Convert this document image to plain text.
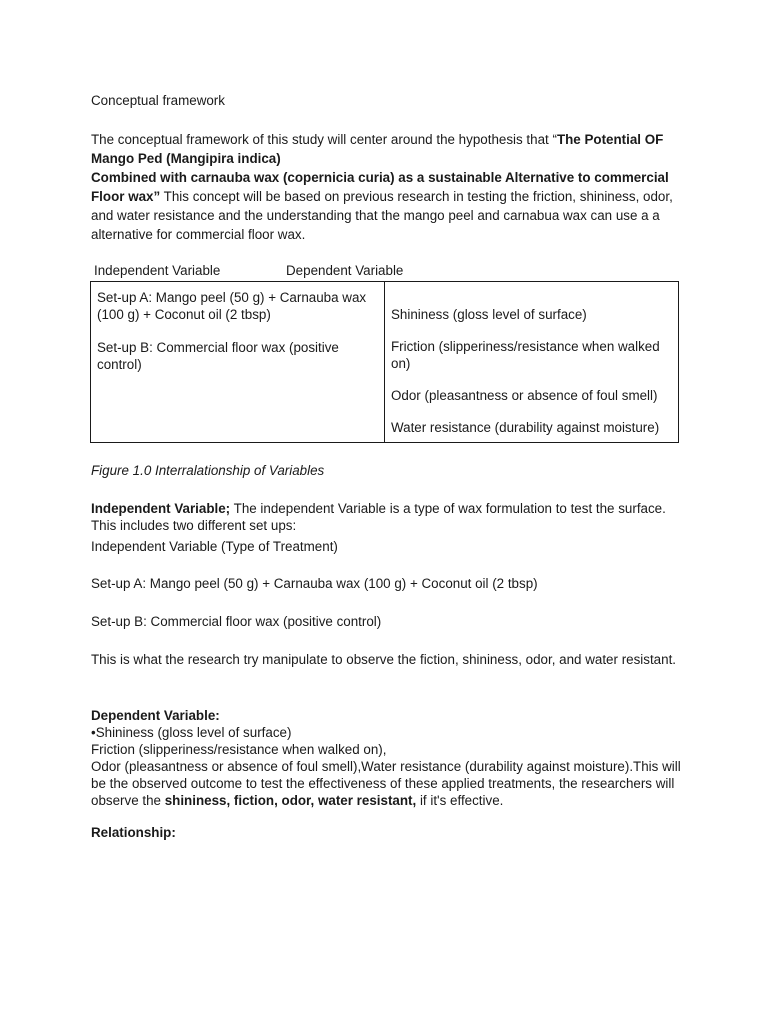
Conceptual framework

The conceptual framework of this study will center around the hypothesis that “The Potential OF Mango Ped (Mangipira indica)
Combined with carnauba wax (copernicia curia) as a sustainable Alternative to commercial Floor wax” This concept will be based on previous research in testing the friction, shininess, odor, and water resistance and the understanding that the mango peel and carnabua wax can use a a alternative for commercial floor wax.

Independent Variable	Dependent Variable

Set-up A: Mango peel (50 g) + Carnauba wax (100 g) + Coconut oil (2 tbsp)

Set-up B: Commercial floor wax (positive control)

Shininess (gloss level of surface)

Friction (slipperiness/resistance when walked on)

Odor (pleasantness or absence of foul smell)

Water resistance (durability against moisture)

Figure 1.0 Interralationship of Variables

Independent Variable; The independent Variable is a type of wax formulation to test the surface. This includes two different set ups:

Independent Variable (Type of Treatment)

Set-up A: Mango peel (50 g) + Carnauba wax (100 g) + Coconut oil (2 tbsp)

Set-up B: Commercial floor wax (positive control)

This is what the research try manipulate to observe the fiction, shininess, odor, and water resistant.

Dependent Variable:
•Shininess (gloss level of surface)
Friction (slipperiness/resistance when walked on),
Odor (pleasantness or absence of foul smell),Water resistance (durability against moisture).This will be the observed outcome to test the effectiveness of these applied treatments, the researchers will observe the shininess, fiction, odor, water resistant, if it's effective.

Relationship:
